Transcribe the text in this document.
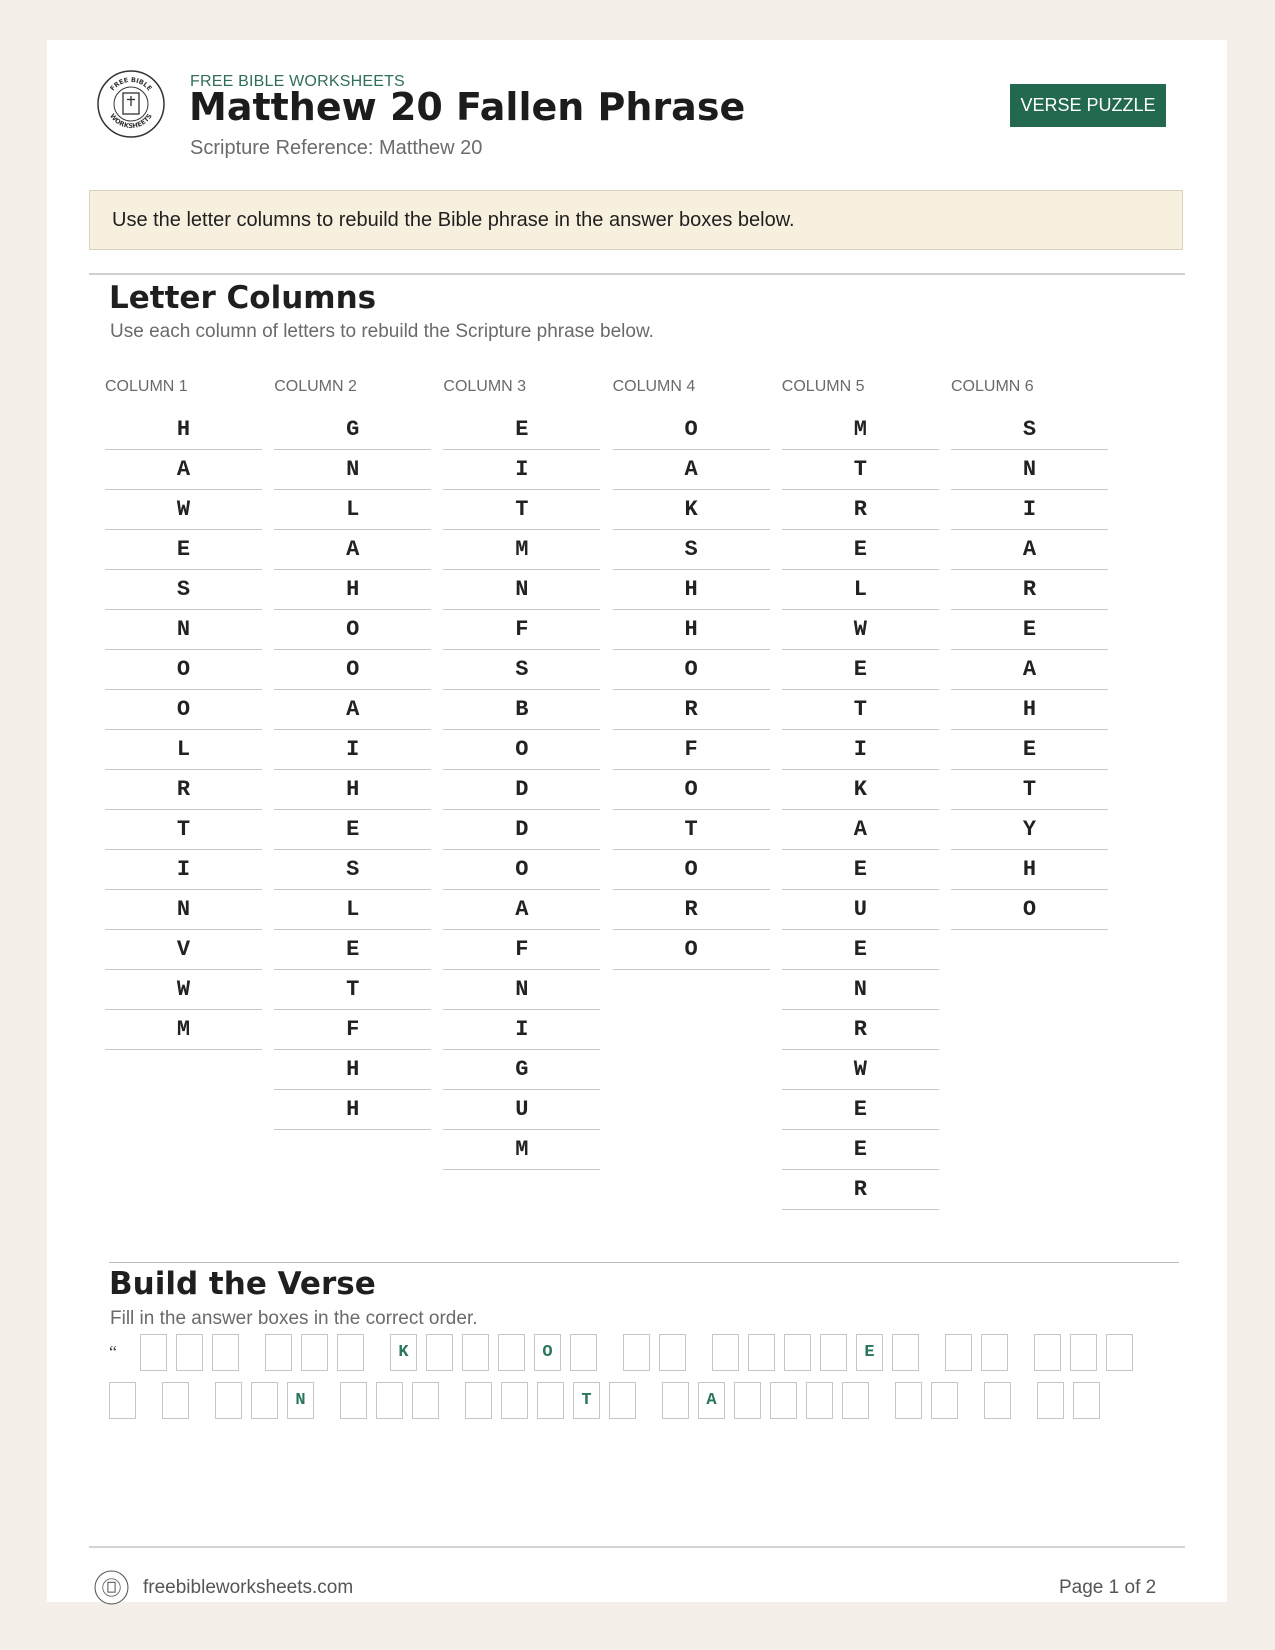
FREE BIBLE
WORKSHEETS
FREE BIBLE WORKSHEETS
Matthew 20 Fallen Phrase
Scripture Reference: Matthew 20
VERSE PUZZLE
Use the letter columns to rebuild the Bible phrase in the answer boxes below.
Letter Columns
Use each column of letters to rebuild the Scripture phrase below.
COLUMN 1
H
A
W
E
S
N
O
O
L
R
T
I
N
V
W
M
COLUMN 2
G
N
L
A
H
O
O
A
I
H
E
S
L
E
T
F
H
H
COLUMN 3
E
I
T
M
N
F
S
B
O
D
D
O
A
F
N
I
G
U
M
COLUMN 4
O
A
K
S
H
H
O
R
F
O
T
O
R
O
COLUMN 5
M
T
R
E
L
W
E
T
I
K
A
E
U
E
N
R
W
E
E
R
COLUMN 6
S
N
I
A
R
E
A
H
E
T
Y
H
O
Build the Verse
Fill in the answer boxes in the correct order.
“	K	O	E
N	T	A
freebibleworksheets.com	Page 1 of 2
